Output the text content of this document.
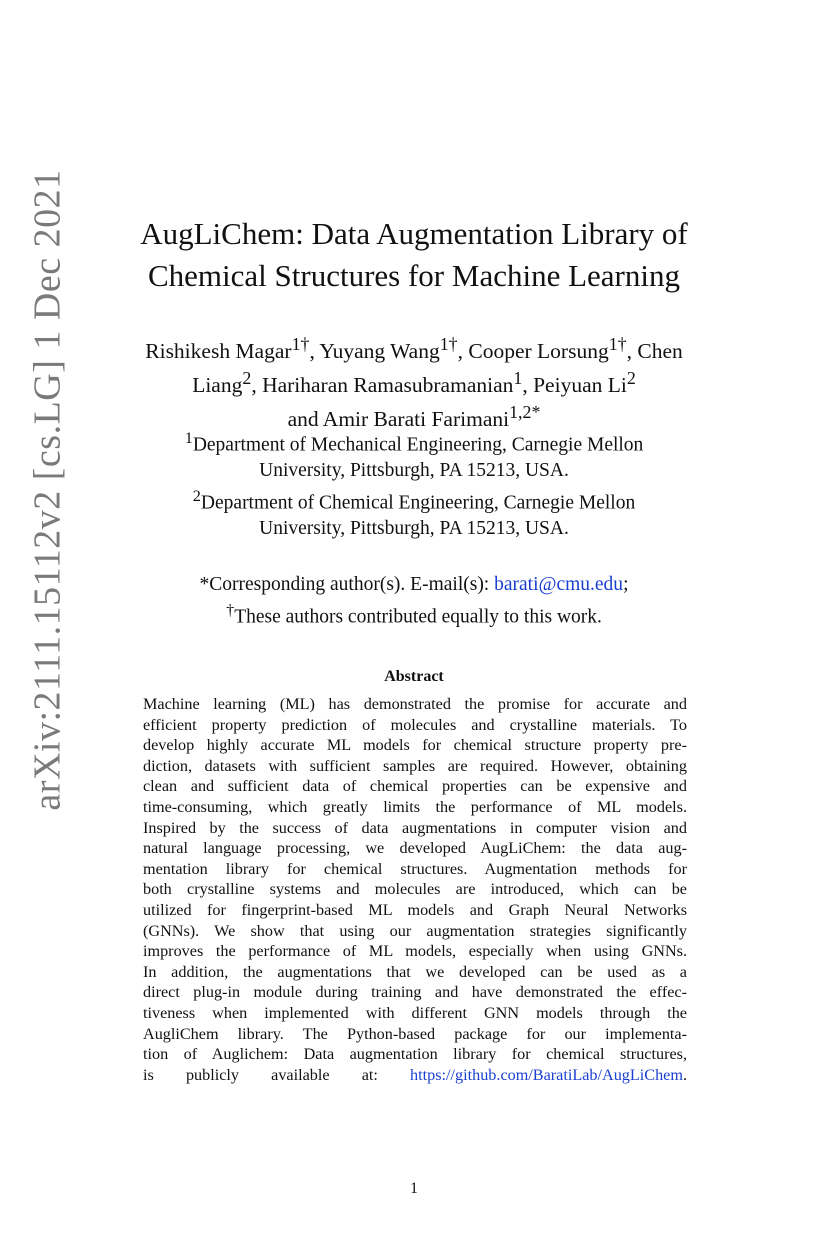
arXiv:2111.15112v2 [cs.LG] 1 Dec 2021	AugLiChem: Data Augmentation Library of
Chemical Structures for Machine Learning
Rishikesh Magar$^{1\dagger}$, Yuyang Wang$^{1\dagger}$, Cooper Lorsung$^{1\dagger}$, Chen
Liang$^2$, Hariharan Ramasubramanian$^1$, Peiyuan Li$^2$
and Amir Barati Farimani$^{1,2*}$
$^1$Department of Mechanical Engineering, Carnegie Mellon
University, Pittsburgh, PA 15213, USA.
$^2$Department of Chemical Engineering, Carnegie Mellon
University, Pittsburgh, PA 15213, USA.
*Corresponding author(s). E-mail(s): barati@cmu.edu;
†These authors contributed equally to this work.
Abstract
Machine learning (ML) has demonstrated the promise for accurate and
efficient property prediction of molecules and crystalline materials. To
develop highly accurate ML models for chemical structure property pre-
diction, datasets with sufficient samples are required. However, obtaining
clean and sufficient data of chemical properties can be expensive and
time-consuming, which greatly limits the performance of ML models.
Inspired by the success of data augmentations in computer vision and
natural language processing, we developed AugLiChem: the data aug-
mentation library for chemical structures. Augmentation methods for
both crystalline systems and molecules are introduced, which can be
utilized for fingerprint-based ML models and Graph Neural Networks
(GNNs). We show that using our augmentation strategies significantly
improves the performance of ML models, especially when using GNNs.
In addition, the augmentations that we developed can be used as a
direct plug-in module during training and have demonstrated the effec-
tiveness when implemented with different GNN models through the
AugliChem library. The Python-based package for our implementa-
tion of Auglichem: Data augmentation library for chemical structures,
is publicly available at: https://github.com/BaratiLab/AugLiChem.
1
